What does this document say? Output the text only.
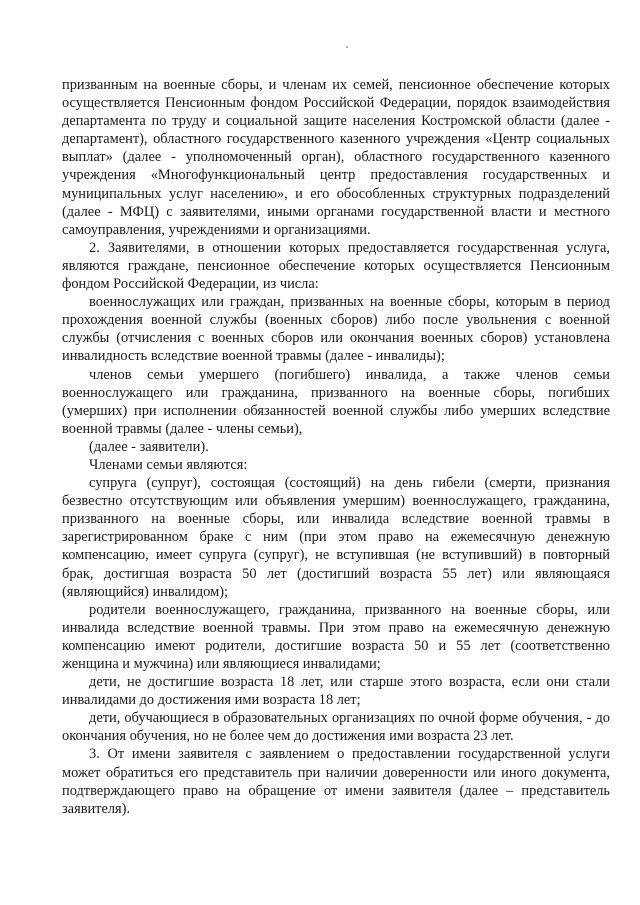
призванным на военные сборы, и членам их семей, пенсионное обеспечение которых осуществляется Пенсионным фондом Российской Федерации, порядок взаимодействия департамента по труду и социальной защите населения Костромской области (далее - департамент), областного государственного казенного учреждения «Центр социальных выплат» (далее - уполномоченный орган), областного государственного казенного учреждения «Многофункциональный центр предоставления государственных и муниципальных услуг населению», и его обособленных структурных подразделений (далее - МФЦ) с заявителями, иными органами государственной власти и местного самоуправления, учреждениями и организациями.

2. Заявителями, в отношении которых предоставляется государственная услуга, являются граждане, пенсионное обеспечение которых осуществляется Пенсионным фондом Российской Федерации, из числа:

военнослужащих или граждан, призванных на военные сборы, которым в период прохождения военной службы (военных сборов) либо после увольнения с военной службы (отчисления с военных сборов или окончания военных сборов) установлена инвалидность вследствие военной травмы (далее - инвалиды);

членов семьи умершего (погибшего) инвалида, а также членов семьи военнослужащего или гражданина, призванного на военные сборы, погибших (умерших) при исполнении обязанностей военной службы либо умерших вследствие военной травмы (далее - члены семьи),

(далее - заявители).

Членами семьи являются:

супруга (супруг), состоящая (состоящий) на день гибели (смерти, признания безвестно отсутствующим или объявления умершим) военнослужащего, гражданина, призванного на военные сборы, или инвалида вследствие военной травмы в зарегистрированном браке с ним (при этом право на ежемесячную денежную компенсацию, имеет супруга (супруг), не вступившая (не вступивший) в повторный брак, достигшая возраста 50 лет (достигший возраста 55 лет) или являющаяся (являющийся) инвалидом);

родители военнослужащего, гражданина, призванного на военные сборы, или инвалида вследствие военной травмы. При этом право на ежемесячную денежную компенсацию имеют родители, достигшие возраста 50 и 55 лет (соответственно женщина и мужчина) или являющиеся инвалидами;

дети, не достигшие возраста 18 лет, или старше этого возраста, если они стали инвалидами до достижения ими возраста 18 лет;

дети, обучающиеся в образовательных организациях по очной форме обучения, - до окончания обучения, но не более чем до достижения ими возраста 23 лет.

3. От имени заявителя с заявлением о предоставлении государственной услуги может обратиться его представитель при наличии доверенности или иного документа, подтверждающего право на обращение от имени заявителя (далее – представитель заявителя).
